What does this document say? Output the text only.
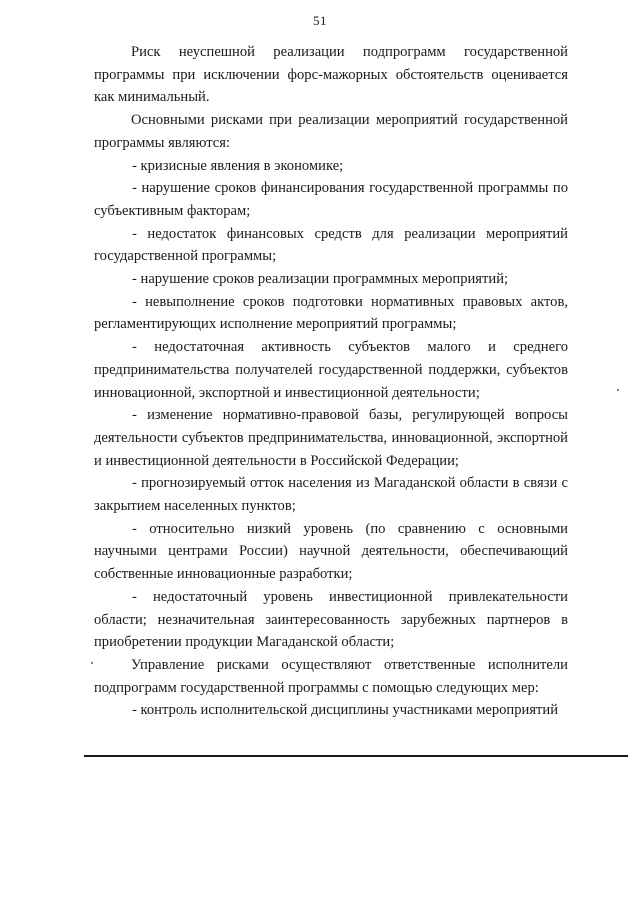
51

Риск неуспешной реализации подпрограмм государственной программы при исключении форс-мажорных обстоятельств оценивается как минимальный.

Основными рисками при реализации мероприятий государственной программы являются:

- кризисные явления в экономике;

- нарушение сроков финансирования государственной программы по субъективным факторам;

- недостаток финансовых средств для реализации мероприятий государственной программы;

- нарушение сроков реализации программных мероприятий;

- невыполнение сроков подготовки нормативных правовых актов, регламентирующих исполнение мероприятий программы;

- недостаточная активность субъектов малого и среднего предпринимательства получателей государственной поддержки, субъектов инновационной, экспортной и инвестиционной деятельности;

- изменение нормативно-правовой базы, регулирующей вопросы деятельности субъектов предпринимательства, инновационной, экспортной и инвестиционной деятельности в Российской Федерации;

- прогнозируемый отток населения из Магаданской области в связи с закрытием населенных пунктов;

- относительно низкий уровень (по сравнению с основными научными центрами России) научной деятельности, обеспечивающий собственные инновационные разработки;

- недостаточный уровень инвестиционной привлекательности области; незначительная заинтересованность зарубежных партнеров в приобретении продукции Магаданской области;

Управление рисками осуществляют ответственные исполнители подпрограмм государственной программы с помощью следующих мер:

- контроль исполнительской дисциплины участниками мероприятий
